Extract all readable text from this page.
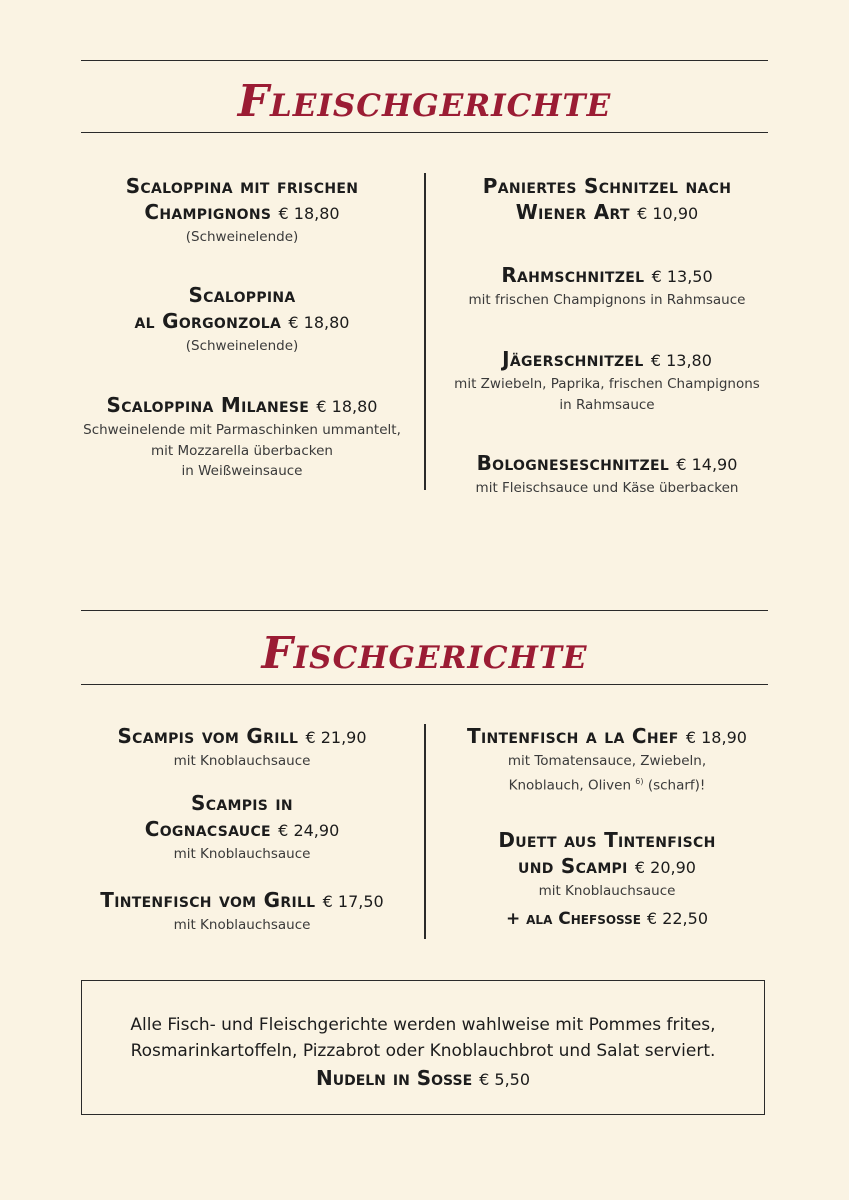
Fleischgerichte
Scaloppina mit frischen
Champignons € 18,80
(Schweinelende)
Scaloppina
al Gorgonzola € 18,80
(Schweinelende)
Scaloppina Milanese € 18,80
Schweinelende mit Parmaschinken ummantelt,
mit Mozzarella überbacken
in Weißweinsauce
Paniertes Schnitzel nach
Wiener Art € 10,90
Rahmschnitzel € 13,50
mit frischen Champignons in Rahmsauce
Jägerschnitzel € 13,80
mit Zwiebeln, Paprika, frischen Champignons
in Rahmsauce
Bologneseschnitzel € 14,90
mit Fleischsauce und Käse überbacken
Fischgerichte
Scampis vom Grill € 21,90
mit Knoblauchsauce
Scampis in
Cognacsauce € 24,90
mit Knoblauchsauce
Tintenfisch vom Grill € 17,50
mit Knoblauchsauce
Tintenfisch a la Chef € 18,90
mit Tomatensauce, Zwiebeln,
Knoblauch, Oliven $^{6)}$ (scharf)!
Duett aus Tintenfisch
und Scampi € 20,90
mit Knoblauchsauce
+ ala Chefsosse € 22,50
Alle Fisch- und Fleischgerichte werden wahlweise mit Pommes frites,
Rosmarinkartoffeln, Pizzabrot oder Knoblauchbrot und Salat serviert.
Nudeln in Sosse € 5,50
